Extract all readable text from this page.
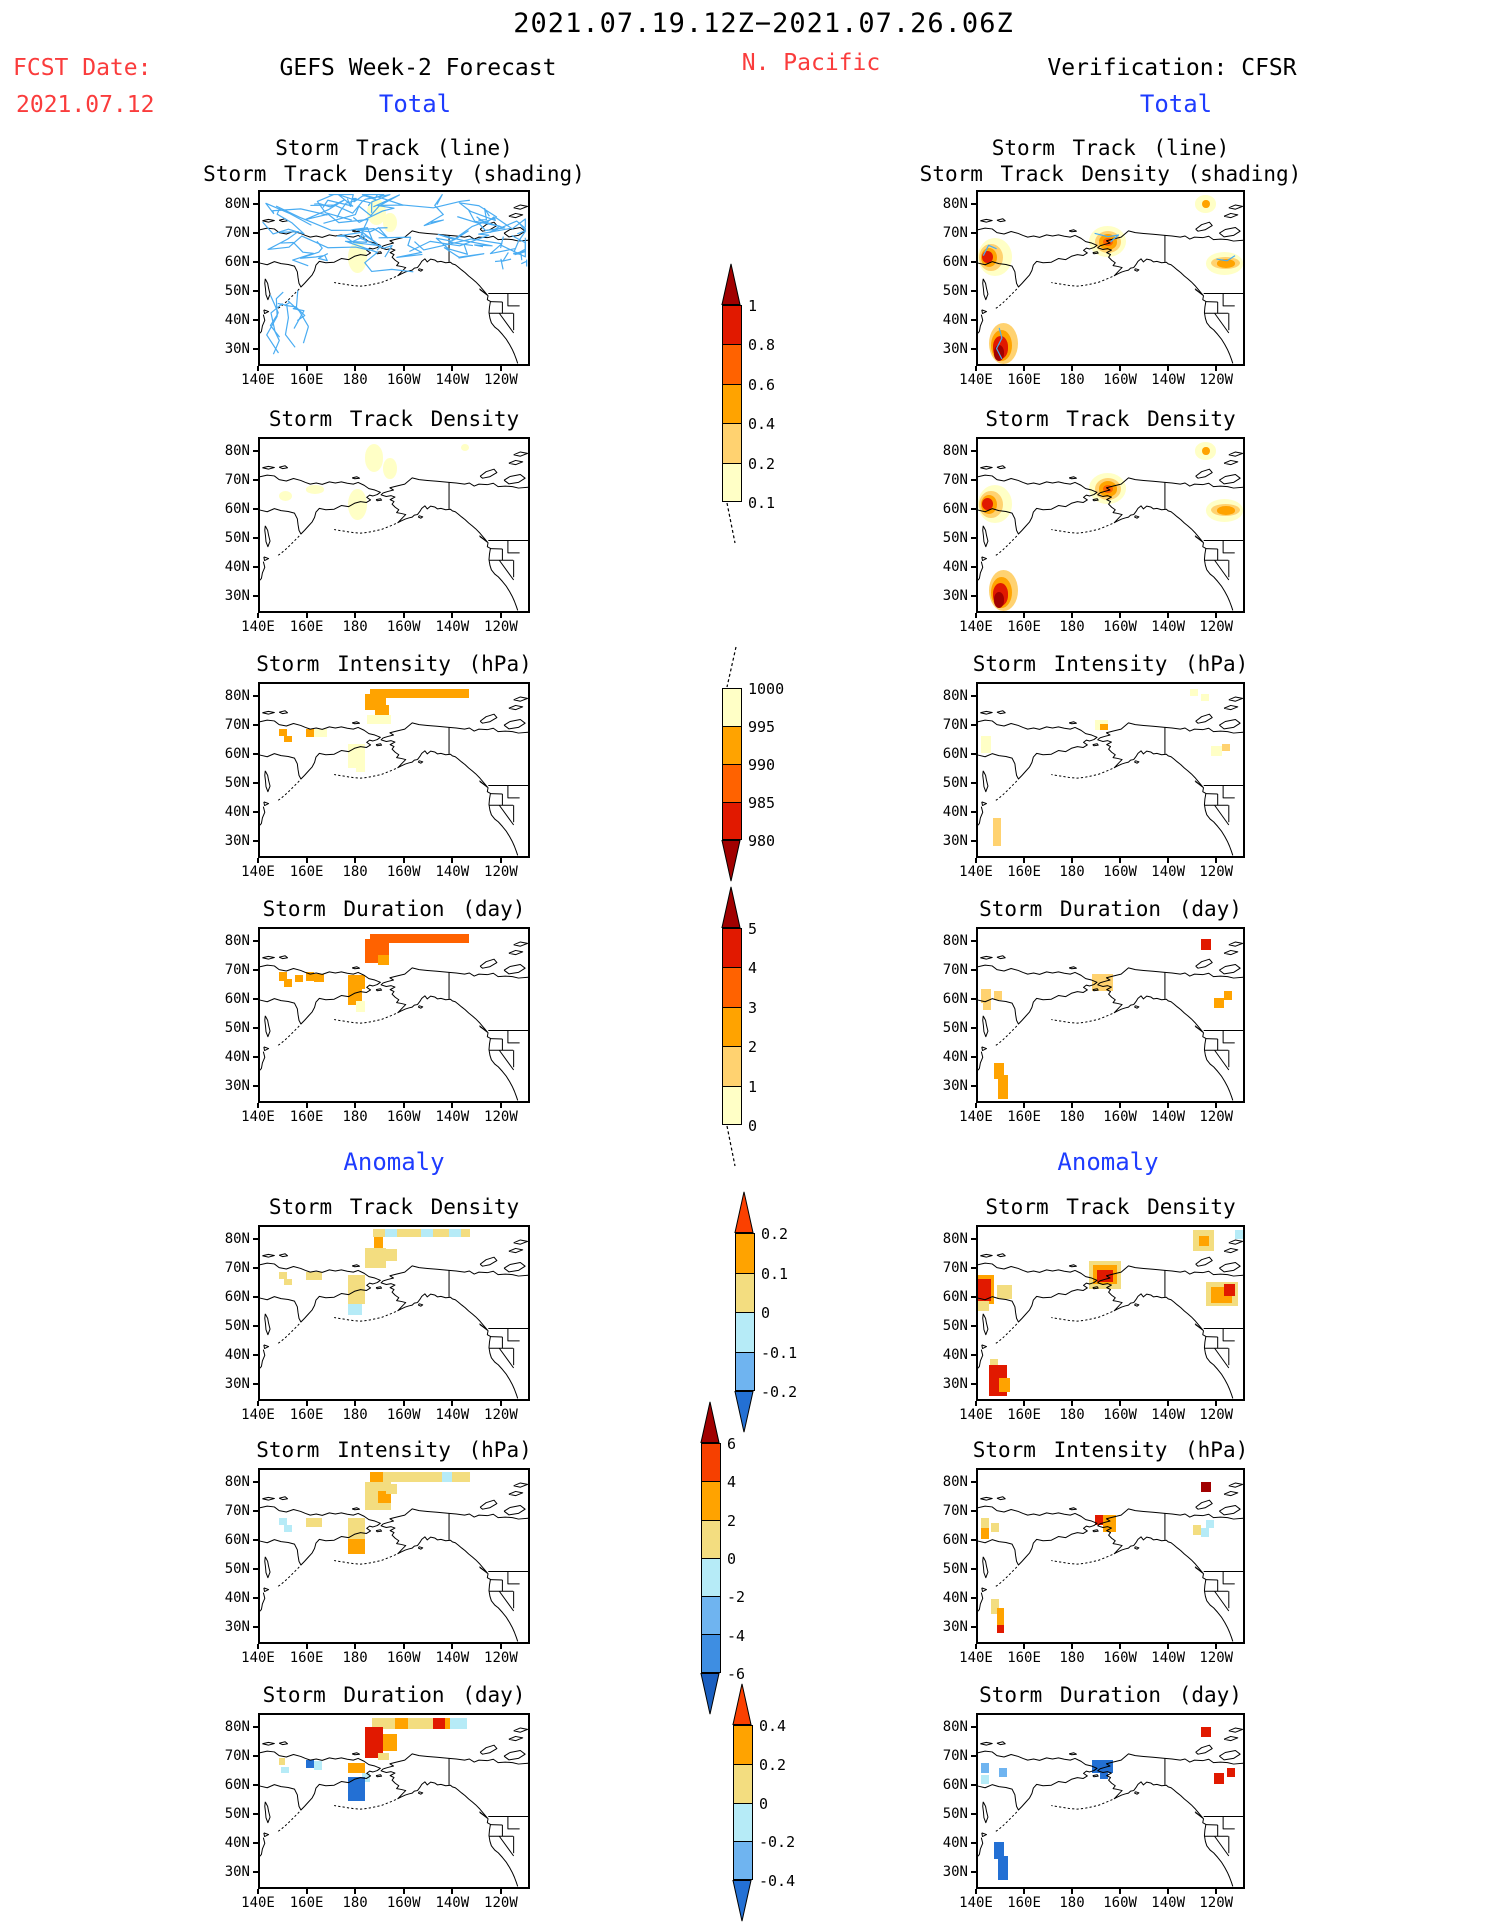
2021.07.19.12Z−2021.07.26.06Z
FCST Date:
2021.07.12
GEFS Week-2 Forecast	N. Pacific	Verification: CFSR
Total	Total
Anomaly	Anomaly
Storm Track (line)
Storm Track Density (shading)
80N
70N
60N
50N
40N
30N
140E	160E	180	160W	140W	120W
Storm Track (line)
Storm Track Density (shading)
80N
70N
60N
50N
40N
30N
140E	160E	180	160W	140W	120W
Storm Track Density
80N
70N
60N
50N
40N
30N
140E	160E	180	160W	140W	120W
Storm Track Density
80N
70N
60N
50N
40N
30N
140E	160E	180	160W	140W	120W
Storm Intensity (hPa)
80N
70N
60N
50N
40N
30N
140E	160E	180	160W	140W	120W
Storm Intensity (hPa)
80N
70N
60N
50N
40N
30N
140E	160E	180	160W	140W	120W
Storm Duration (day)
80N
70N
60N
50N
40N
30N
140E	160E	180	160W	140W	120W
Storm Duration (day)
80N
70N
60N
50N
40N
30N
140E	160E	180	160W	140W	120W
Storm Track Density
80N
70N
60N
50N
40N
30N
140E	160E	180	160W	140W	120W
Storm Track Density
80N
70N
60N
50N
40N
30N
140E	160E	180	160W	140W	120W
Storm Intensity (hPa)
80N
70N
60N
50N
40N
30N
140E	160E	180	160W	140W	120W
Storm Intensity (hPa)
80N
70N
60N
50N
40N
30N
140E	160E	180	160W	140W	120W
Storm Duration (day)
80N
70N
60N
50N
40N
30N
140E	160E	180	160W	140W	120W
Storm Duration (day)
80N
70N
60N
50N
40N
30N
140E	160E	180	160W	140W	120W
1
0.8
0.6
0.4
0.2
0.1
1000
995
990
985
980
5
4
3
2
1
0
0.2
0.1
0
-0.1
-0.2
6
4
2
0
-2
-4
-6
0.4
0.2
0
-0.2
-0.4
